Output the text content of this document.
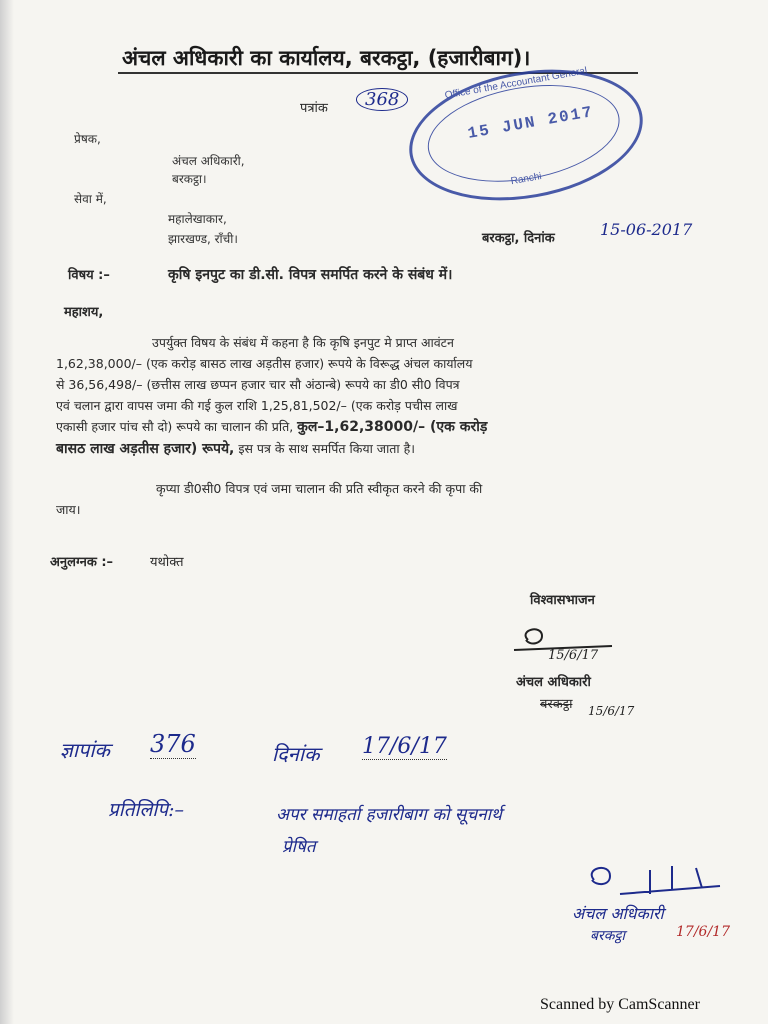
अंचल अधिकारी का कार्यालय, बरकट्ठा, (हजारीबाग)।
पत्रांक	368	Office of the Accountant General
15 JUN 2017
Ranchi
प्रेषक,
अंचल अधिकारी,
बरकट्ठा।
सेवा में,
महालेखाकार,
झारखण्ड, राँची।	बरकट्ठा, दिनांक	15-06-2017
विषय :–	कृषि इनपुट का डी.सी. विपत्र समर्पित करने के संबंध में।
महाशय,
उपर्युक्त विषय के संबंध में कहना है कि कृषि इनपुट मे प्राप्त आवंटन
1,62,38,000/– (एक करोड़ बासठ लाख अड़तीस हजार) रूपये के विरूद्ध अंचल कार्यालय
से 36,56,498/– (छत्तीस लाख छप्पन हजार चार सौ अंठान्बे) रूपये का डी0 सी0 विपत्र
एवं चलान द्वारा वापस जमा की गई कुल राशि 1,25,81,502/– (एक करोड़ पचीस लाख
एकासी हजार पांच सौ दो) रूपये का चालान की प्रति, कुल–1,62,38000/– (एक करोड़
बासठ लाख अड़तीस हजार) रूपये, इस पत्र के साथ समर्पित किया जाता है।
कृप्या डी0सी0 विपत्र एवं जमा चालान की प्रति स्वीकृत करने की कृपा की
जाय।
अनुलग्नक :–	यथोक्त
विश्वासभाजन
15/6/17
अंचल अधिकारी
बरकट्ठा 15/6/17
ज्ञापांक 376	दिनांक 17/6/17
प्रतिलिपि:–	अपर समाहर्ता हजारीबाग को सूचनार्थ
प्रेषित
अंचल अधिकारी
बरकट्ठा	17/6/17
Scanned by CamScanner
